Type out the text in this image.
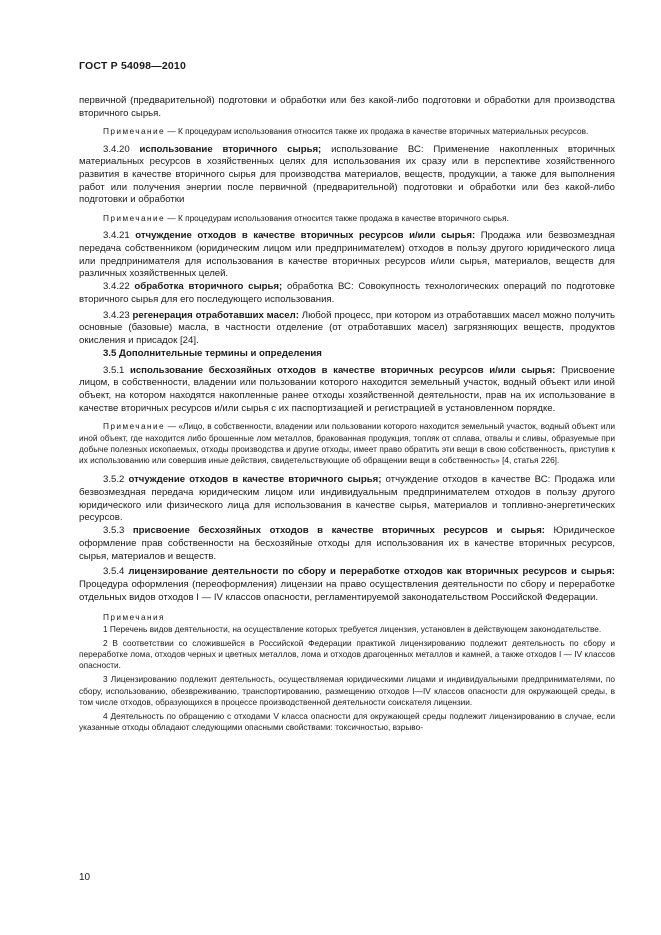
ГОСТ Р 54098—2010

первичной (предварительной) подготовки и обработки или без какой-либо подготовки и обработки для производства вторичного сырья.

Примечание — К процедурам использования относится также их продажа в качестве вторичных материальных ресурсов.

3.4.20 использование вторичного сырья; использование ВС: Применение накопленных вторичных материальных ресурсов в хозяйственных целях для использования их сразу или в перспективе хозяйственного развития в качестве вторичного сырья для производства материалов, веществ, продукции, а также для выполнения работ или получения энергии после первичной (предварительной) подготовки и обработки или без какой-либо подготовки и обработки

Примечание — К процедурам использования относится также продажа в качестве вторичного сырья.

3.4.21 отчуждение отходов в качестве вторичных ресурсов и/или сырья: Продажа или безвозмездная передача собственником (юридическим лицом или предпринимателем) отходов в пользу другого юридического лица или предпринимателя для использования в качестве вторичных ресурсов и/или сырья, материалов, веществ для различных хозяйственных целей.

3.4.22 обработка вторичного сырья; обработка ВС: Совокупность технологических операций по подготовке вторичного сырья для его последующего использования.

3.4.23 регенерация отработавших масел: Любой процесс, при котором из отработавших масел можно получить основные (базовые) масла, в частности отделение (от отработавших масел) загрязняющих веществ, продуктов окисления и присадок [24].

3.5 Дополнительные термины и определения

3.5.1 использование бесхозяйных отходов в качестве вторичных ресурсов и/или сырья: Присвоение лицом, в собственности, владении или пользовании которого находится земельный участок, водный объект или иной объект, на котором находятся накопленные ранее отходы хозяйственной деятельности, прав на их использование в качестве вторичных ресурсов и/или сырья с их паспортизацией и регистрацией в установленном порядке.

Примечание — «Лицо, в собственности, владении или пользовании которого находится земельный участок, водный объект или иной объект, где находится либо брошенные лом металлов, бракованная продукция, топляк от сплава, отвалы и сливы, образуемые при добыче полезных ископаемых, отходы производства и другие отходы, имеет право обратить эти вещи в свою собственность, приступив к их использованию или совершив иные действия, свидетельствующие об обращении вещи в собственность» [4, статья 226].

3.5.2 отчуждение отходов в качестве вторичного сырья; отчуждение отходов в качестве ВС: Продажа или безвозмездная передача юридическим лицом или индивидуальным предпринимателем отходов в пользу другого юридического или физического лица для использования в качестве сырья, материалов и топливно-энергетических ресурсов.

3.5.3 присвоение бесхозяйных отходов в качестве вторичных ресурсов и сырья: Юридическое оформление прав собственности на бесхозяйные отходы для использования их в качестве вторичных ресурсов, сырья, материалов и веществ.

3.5.4 лицензирование деятельности по сбору и переработке отходов как вторичных ресурсов и сырья: Процедура оформления (переоформления) лицензии на право осуществления деятельности по сбору и переработке отдельных видов отходов I — IV классов опасности, регламентируемой законодательством Российской Федерации.

Примечания

1 Перечень видов деятельности, на осуществление которых требуется лицензия, установлен в действующем законодательстве.

2 В соответствии со сложившейся в Российской Федерации практикой лицензированию подлежит деятельность по сбору и переработке лома, отходов черных и цветных металлов, лома и отходов драгоценных металлов и камней, а также отходов I — IV классов опасности.

3 Лицензированию подлежит деятельность, осуществляемая юридическими лицами и индивидуальными предпринимателями, по сбору, использованию, обезвреживанию, транспортированию, размещению отходов I—IV классов опасности для окружающей среды, в том числе отходов, образующихся в процессе производственной деятельности соискателя лицензии.

4 Деятельность по обращению с отходами V класса опасности для окружающей среды подлежит лицензированию в случае, если указанные отходы обладают следующими опасными свойствами: токсичностью, взрыво-

10
